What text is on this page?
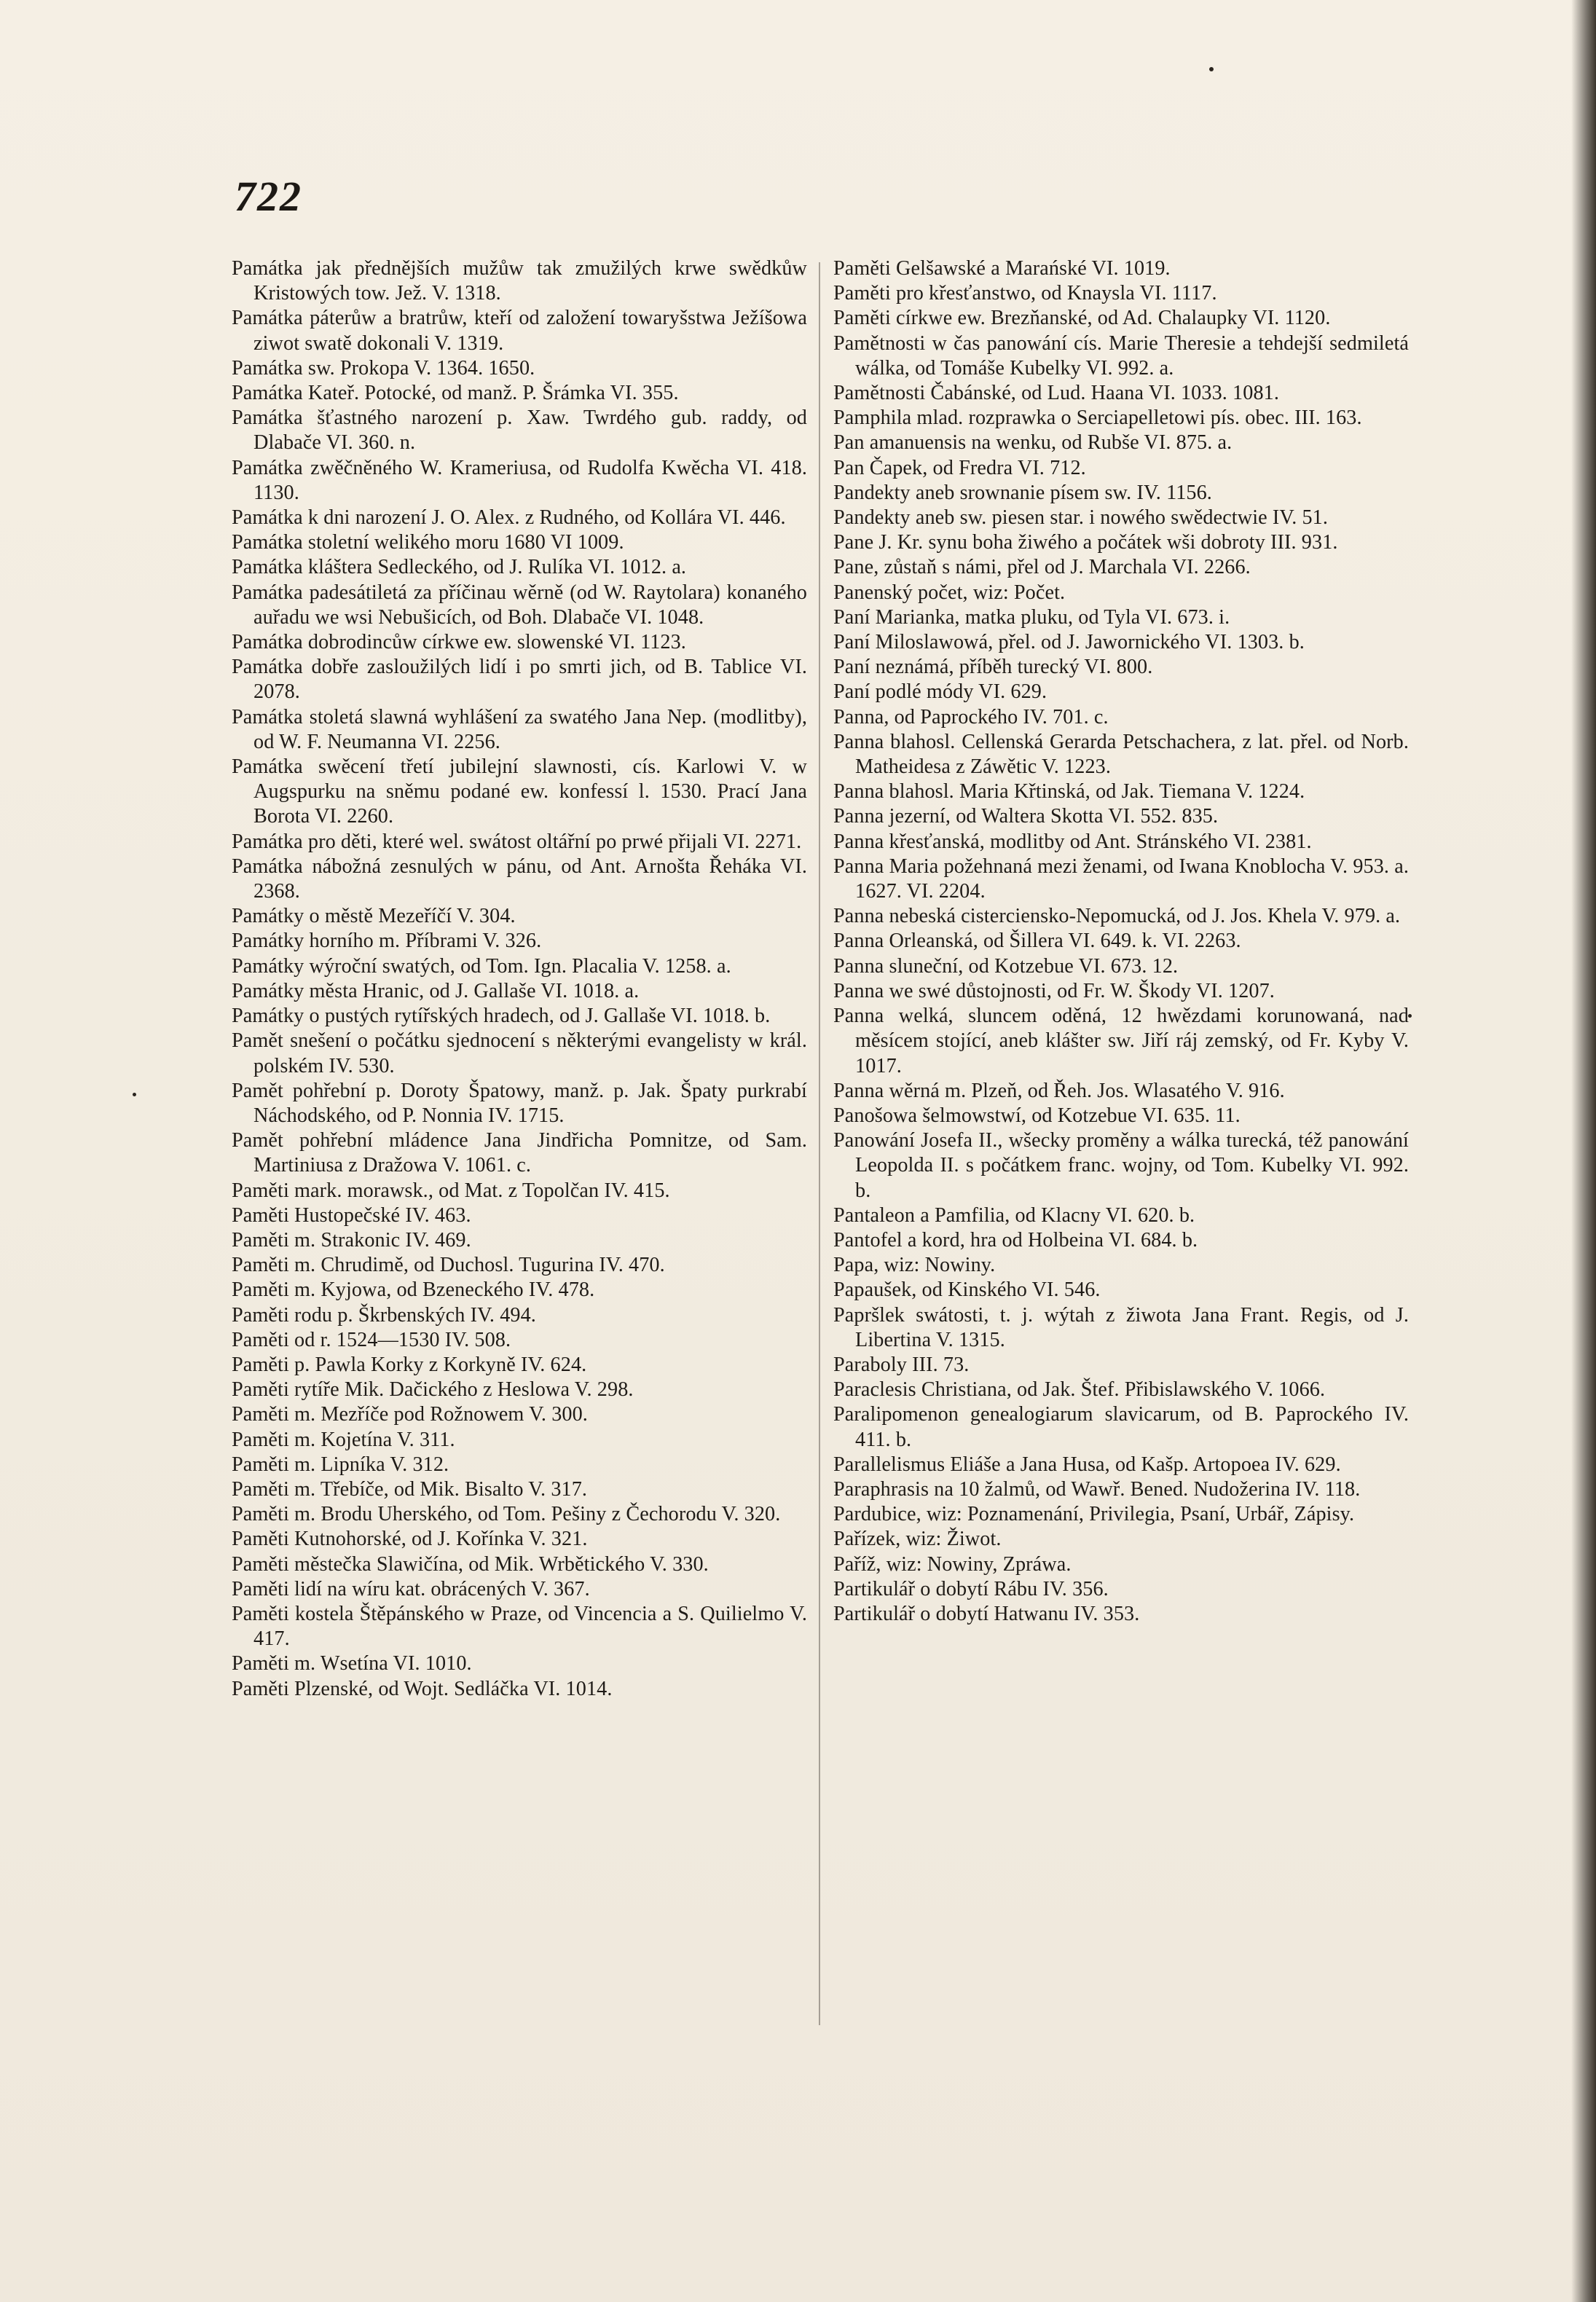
722

Památka jak přednějších mužůw tak zmužilých krwe swědkůw Kristowých tow. Jež. V. 1318.

Památka páterůw a bratrůw, kteří od založení towaryšstwa Ježíšowa ziwot swatě dokonali V. 1319.

Památka sw. Prokopa V. 1364. 1650.

Památka Kateř. Potocké, od manž. P. Šrámka VI. 355.

Památka šťastného narození p. Xaw. Twrdého gub. raddy, od Dlabače VI. 360. n.

Památka zwěčněného W. Krameriusa, od Rudolfa Kwěcha VI. 418. 1130.

Památka k dni narození J. O. Alex. z Rudného, od Kollára VI. 446.

Památka stoletní welikého moru 1680 VI 1009.

Památka kláštera Sedleckého, od J. Rulíka VI. 1012. a.

Památka padesátiletá za příčinau wěrně (od W. Raytolara) konaného auřadu we wsi Nebušicích, od Boh. Dlabače VI. 1048.

Památka dobrodincůw církwe ew. slowenské VI. 1123.

Památka dobře zasloužilých lidí i po smrti jich, od B. Tablice VI. 2078.

Památka stoletá slawná wyhlášení za swatého Jana Nep. (modlitby), od W. F. Neumanna VI. 2256.

Památka swěcení třetí jubilejní slawnosti, cís. Karlowi V. w Augspurku na sněmu podané ew. konfessí l. 1530. Prací Jana Borota VI. 2260.

Památka pro děti, které wel. swátost oltářní po prwé přijali VI. 2271.

Památka nábožná zesnulých w pánu, od Ant. Arnošta Řeháka VI. 2368.

Památky o městě Mezeříčí V. 304.

Památky horního m. Příbrami V. 326.

Památky wýroční swatých, od Tom. Ign. Placalia V. 1258. a.

Památky města Hranic, od J. Gallaše VI. 1018. a.

Památky o pustých rytířských hradech, od J. Gallaše VI. 1018. b.

Pamět snešení o počátku sjednocení s některými evangelisty w král. polském IV. 530.

Pamět pohřební p. Doroty Špatowy, manž. p. Jak. Špaty purkrabí Náchodského, od P. Nonnia IV. 1715.

Pamět pohřební mládence Jana Jindřicha Pomnitze, od Sam. Martiniusa z Dražowa V. 1061. c.

Paměti mark. morawsk., od Mat. z Topolčan IV. 415.

Paměti Hustopečské IV. 463.

Paměti m. Strakonic IV. 469.

Paměti m. Chrudimě, od Duchosl. Tugurina IV. 470.

Paměti m. Kyjowa, od Bzeneckého IV. 478.

Paměti rodu p. Škrbenských IV. 494.

Paměti od r. 1524—1530 IV. 508.

Paměti p. Pawla Korky z Korkyně IV. 624.

Paměti rytíře Mik. Dačického z Heslowa V. 298.

Paměti m. Mezříče pod Rožnowem V. 300.

Paměti m. Kojetína V. 311.

Paměti m. Lipníka V. 312.

Paměti m. Třebíče, od Mik. Bisalto V. 317.

Paměti m. Brodu Uherského, od Tom. Pešiny z Čechorodu V. 320.

Paměti Kutnohorské, od J. Kořínka V. 321.

Paměti městečka Slawičína, od Mik. Wrbětického V. 330.

Paměti lidí na wíru kat. obrácených V. 367.

Paměti kostela Štěpánského w Praze, od Vincencia a S. Quilielmo V. 417.

Paměti m. Wsetína VI. 1010.

Paměti Plzenské, od Wojt. Sedláčka VI. 1014.

Paměti Gelšawské a Marańské VI. 1019.

Paměti pro křesťanstwo, od Knaysla VI. 1117.

Paměti církwe ew. Brezňanské, od Ad. Chalaupky VI. 1120.

Pamětnosti w čas panowání cís. Marie Theresie a tehdejší sedmiletá wálka, od Tomáše Kubelky VI. 992. a.

Pamětnosti Čabánské, od Lud. Haana VI. 1033. 1081.

Pamphila mlad. rozprawka o Serciapelletowi pís. obec. III. 163.

Pan amanuensis na wenku, od Rubše VI. 875. a.

Pan Čapek, od Fredra VI. 712.

Pandekty aneb srownanie písem sw. IV. 1156.

Pandekty aneb sw. piesen star. i nowého swědectwie IV. 51.

Pane J. Kr. synu boha žiwého a počátek wši dobroty III. 931.

Pane, zůstaň s námi, přel od J. Marchala VI. 2266.

Panenský počet, wiz: Počet.

Paní Marianka, matka pluku, od Tyla VI. 673. i.

Paní Miloslawowá, přel. od J. Jawornického VI. 1303. b.

Paní neznámá, příběh turecký VI. 800.

Paní podlé módy VI. 629.

Panna, od Paprockého IV. 701. c.

Panna blahosl. Cellenská Gerarda Petschachera, z lat. přel. od Norb. Matheidesa z Záwětic V. 1223.

Panna blahosl. Maria Křtinská, od Jak. Tiemana V. 1224.

Panna jezerní, od Waltera Skotta VI. 552. 835.

Panna křesťanská, modlitby od Ant. Stránského VI. 2381.

Panna Maria požehnaná mezi ženami, od Iwana Knoblocha V. 953. a. 1627. VI. 2204.

Panna nebeská cisterciensko-Nepomucká, od J. Jos. Khela V. 979. a.

Panna Orleanská, od Šillera VI. 649. k. VI. 2263.

Panna sluneční, od Kotzebue VI. 673. 12.

Panna we swé důstojnosti, od Fr. W. Škody VI. 1207.

Panna welká, sluncem oděná, 12 hwězdami korunowaná, nad měsícem stojící, aneb klášter sw. Jiří ráj zemský, od Fr. Kyby V. 1017.

Panna wěrná m. Plzeň, od Řeh. Jos. Wlasatého V. 916.

Panošowa šelmowstwí, od Kotzebue VI. 635. 11.

Panowání Josefa II., wšecky proměny a wálka turecká, též panowání Leopolda II. s počátkem franc. wojny, od Tom. Kubelky VI. 992. b.

Pantaleon a Pamfilia, od Klacny VI. 620. b.

Pantofel a kord, hra od Holbeina VI. 684. b.

Papa, wiz: Nowiny.

Papaušek, od Kinského VI. 546.

Papršlek swátosti, t. j. wýtah z žiwota Jana Frant. Regis, od J. Libertina V. 1315.

Paraboly III. 73.

Paraclesis Christiana, od Jak. Štef. Přibislawského V. 1066.

Paralipomenon genealogiarum slavicarum, od B. Paprockého IV. 411. b.

Parallelismus Eliáše a Jana Husa, od Kašp. Artopoea IV. 629.

Paraphrasis na 10 žalmů, od Wawř. Bened. Nudožerina IV. 118.

Pardubice, wiz: Poznamenání, Privilegia, Psaní, Urbář, Zápisy.

Pařízek, wiz: Žiwot.

Paříž, wiz: Nowiny, Zpráwa.

Partikulář o dobytí Rábu IV. 356.

Partikulář o dobytí Hatwanu IV. 353.
